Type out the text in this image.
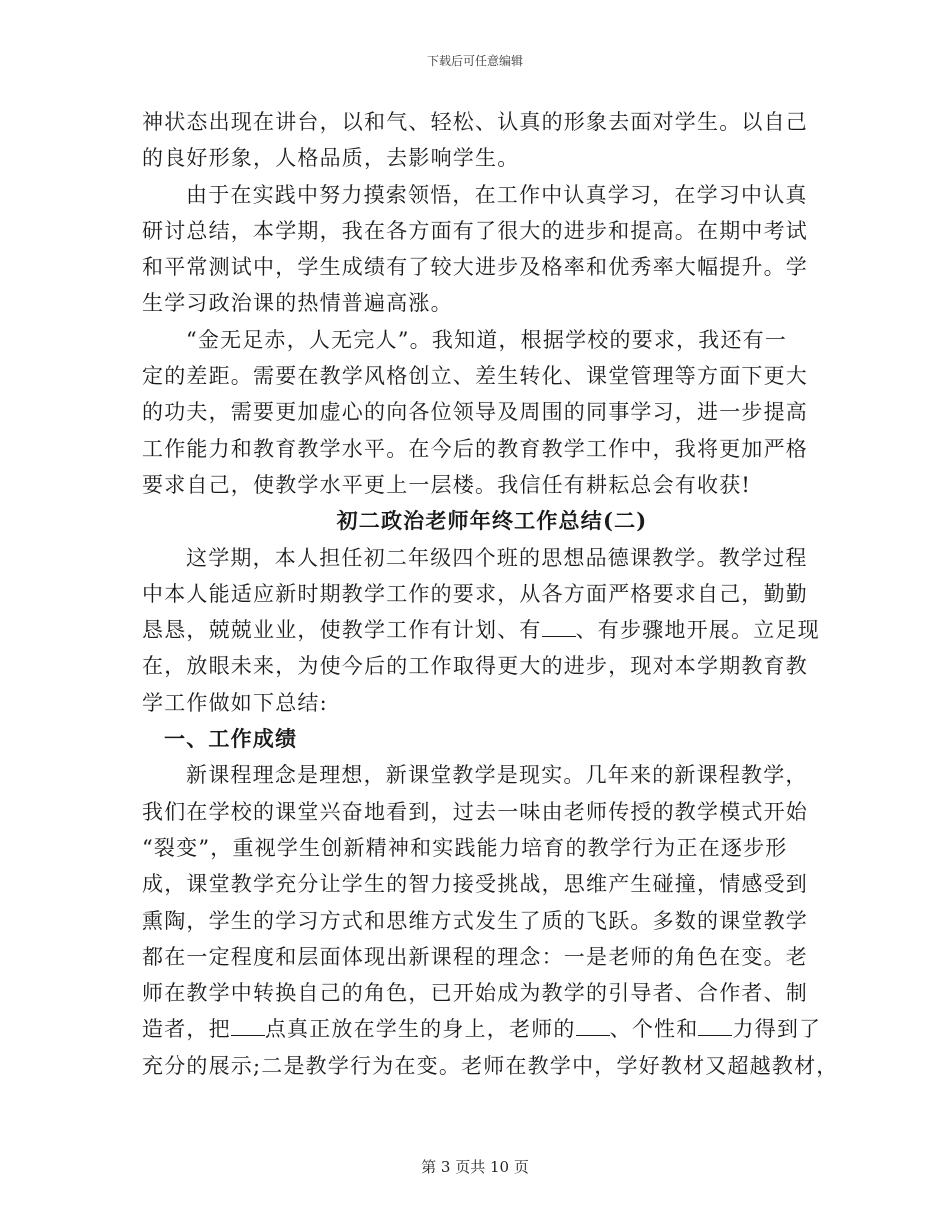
下载后可任意编辑
神状态出现在讲台，以和气、轻松、认真的形象去面对学生。以自己
的良好形象，人格品质，去影响学生。
由于在实践中努力摸索领悟，在工作中认真学习，在学习中认真
研讨总结，本学期，我在各方面有了很大的进步和提高。在期中考试
和平常测试中，学生成绩有了较大进步及格率和优秀率大幅提升。学
生学习政治课的热情普遍高涨。
“金无足赤，人无完人”。我知道，根据学校的要求，我还有一
定的差距。需要在教学风格创立、差生转化、课堂管理等方面下更大
的功夫，需要更加虚心的向各位领导及周围的同事学习，进一步提高
工作能力和教育教学水平。在今后的教育教学工作中，我将更加严格
要求自己，使教学水平更上一层楼。我信任有耕耘总会有收获!
初二政治老师年终工作总结(二)
这学期，本人担任初二年级四个班的思想品德课教学。教学过程
中本人能适应新时期教学工作的要求，从各方面严格要求自己，勤勤
恳恳，兢兢业业，使教学工作有计划、有 、有步骤地开展。立足现
在，放眼未来，为使今后的工作取得更大的进步，现对本学期教育教
学工作做如下总结:
一、工作成绩
新课程理念是理想，新课堂教学是现实。几年来的新课程教学，
我们在学校的课堂兴奋地看到，过去一味由老师传授的教学模式开始
“裂变”，重视学生创新精神和实践能力培育的教学行为正在逐步形
成，课堂教学充分让学生的智力接受挑战，思维产生碰撞，情感受到
熏陶，学生的学习方式和思维方式发生了质的飞跃。多数的课堂教学
都在一定程度和层面体现出新课程的理念：一是老师的角色在变。老
师在教学中转换自己的角色，已开始成为教学的引导者、合作者、制
造者，把 点真正放在学生的身上，老师的 、个性和 力得到了
充分的展示;二是教学行为在变。老师在教学中，学好教材又超越教材，
第 3 页共 10 页
